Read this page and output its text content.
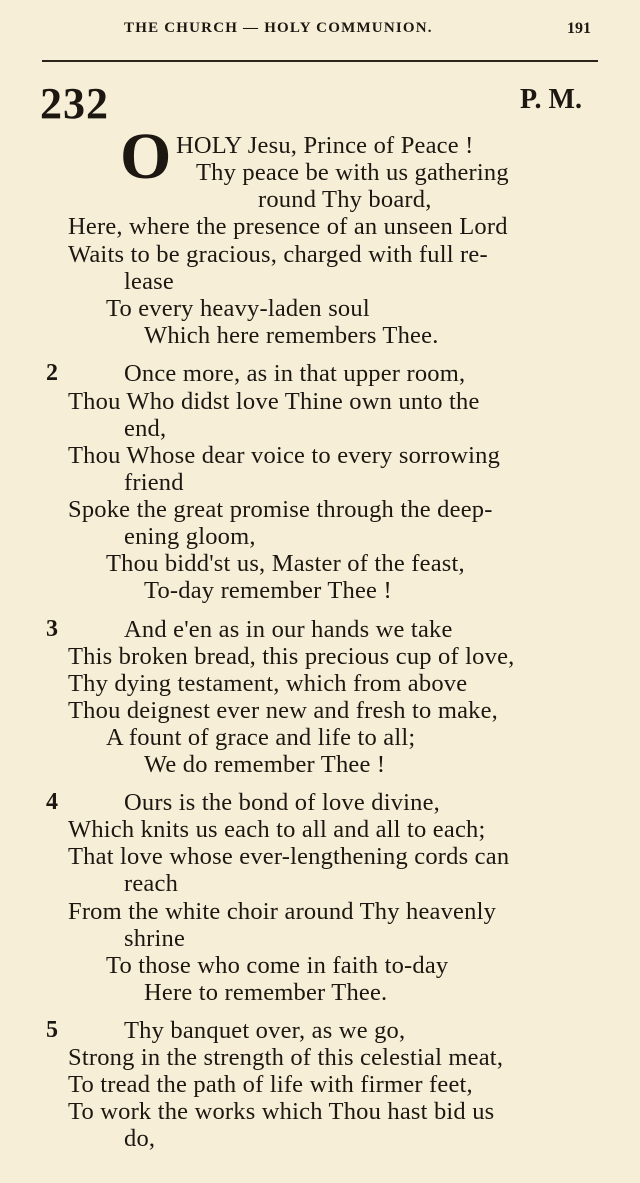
THE CHURCH — HOLY COMMUNION.	191
232	P. M.
O HOLY Jesu, Prince of Peace !
Thy peace be with us gathering
round Thy board,
Here, where the presence of an unseen Lord
Waits to be gracious, charged with full re-
lease
To every heavy-laden soul
Which here remembers Thee.
2	Once more, as in that upper room,
Thou Who didst love Thine own unto the
end,
Thou Whose dear voice to every sorrowing
friend
Spoke the great promise through the deep-
ening gloom,
Thou bidd'st us, Master of the feast,
To-day remember Thee !
3	And e'en as in our hands we take
This broken bread, this precious cup of love,
Thy dying testament, which from above
Thou deignest ever new and fresh to make,
A fount of grace and life to all;
We do remember Thee !
4	Ours is the bond of love divine,
Which knits us each to all and all to each;
That love whose ever-lengthening cords can
reach
From the white choir around Thy heavenly
shrine
To those who come in faith to-day
Here to remember Thee.
5	Thy banquet over, as we go,
Strong in the strength of this celestial meat,
To tread the path of life with firmer feet,
To work the works which Thou hast bid us
do,
